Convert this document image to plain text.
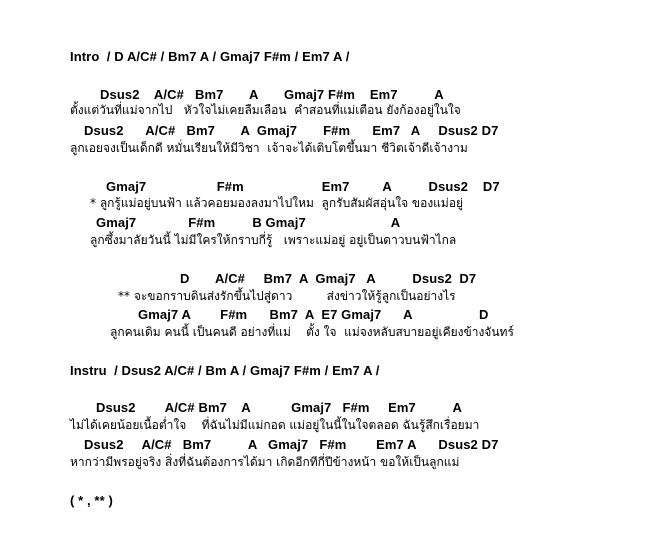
Intro  / D A/C# / Bm7 A / Gmaj7 F#m / Em7 A /
Dsus2    A/C#   Bm7       A       Gmaj7 F#m    Em7          A
ตั้งแต่วันที่แม่จากไป   หัวใจไม่เคยลืมเลือน  คำสอนที่แม่เตือน ยังก้องอยู่ในใจ
Dsus2      A/C#   Bm7       A  Gmaj7       F#m      Em7   A     Dsus2 D7
ลูกเอยจงเป็นเด็กดี หมั่นเรียนให้มีวิชา  เจ้าจะได้เติบโตขึ้นมา ชีวิตเจ้าดีเจ้างาม
Gmaj7                   F#m                     Em7         A          Dsus2    D7
* ลูกรู้แม่อยู่บนฟ้า แล้วคอยมองลงมาไปใหม  ลูกรับสัมผัสอุ่นใจ ของแม่อยู่
Gmaj7              F#m          B Gmaj7                       A
ลูกซึ้งมาลัยวันนี้ ไม่มีใครให้กราบกี่รู้   เพราะแม่อยู่ อยู่เป็นดาวบนฟ้าไกล
D       A/C#     Bm7  A  Gmaj7   A          Dsus2  D7
** จะขอกราบดินส่งรักขึ้นไปสู่ดาว         ส่งข่าวให้รู้ลูกเป็นอย่างไร
Gmaj7 A        F#m      Bm7  A  E7 Gmaj7      A                  D
ลูกคนเดิม คนนี้ เป็นคนดี อย่างที่แม่    ตั้ง ใจ  แม่จงหลับสบายอยู่เคียงข้างจันทร์
Instru  / Dsus2 A/C# / Bm A / Gmaj7 F#m / Em7 A /
Dsus2        A/C# Bm7    A           Gmaj7   F#m     Em7          A
ไม่ได้เคยน้อยเนื้อต่ำใจ    ที่ฉันไม่มีแม่กอด แม่อยู่ในนี้ในใจตลอด ฉันรู้สึกเรื่อยมา
Dsus2     A/C#   Bm7          A   Gmaj7   F#m        Em7 A      Dsus2 D7
หากว่ามีพรอยู่จริง สิ่งที่ฉันต้องการได้มา เกิดอีกทีกี่ปีข้างหน้า ขอให้เป็นลูกแม่
( * , ** )
